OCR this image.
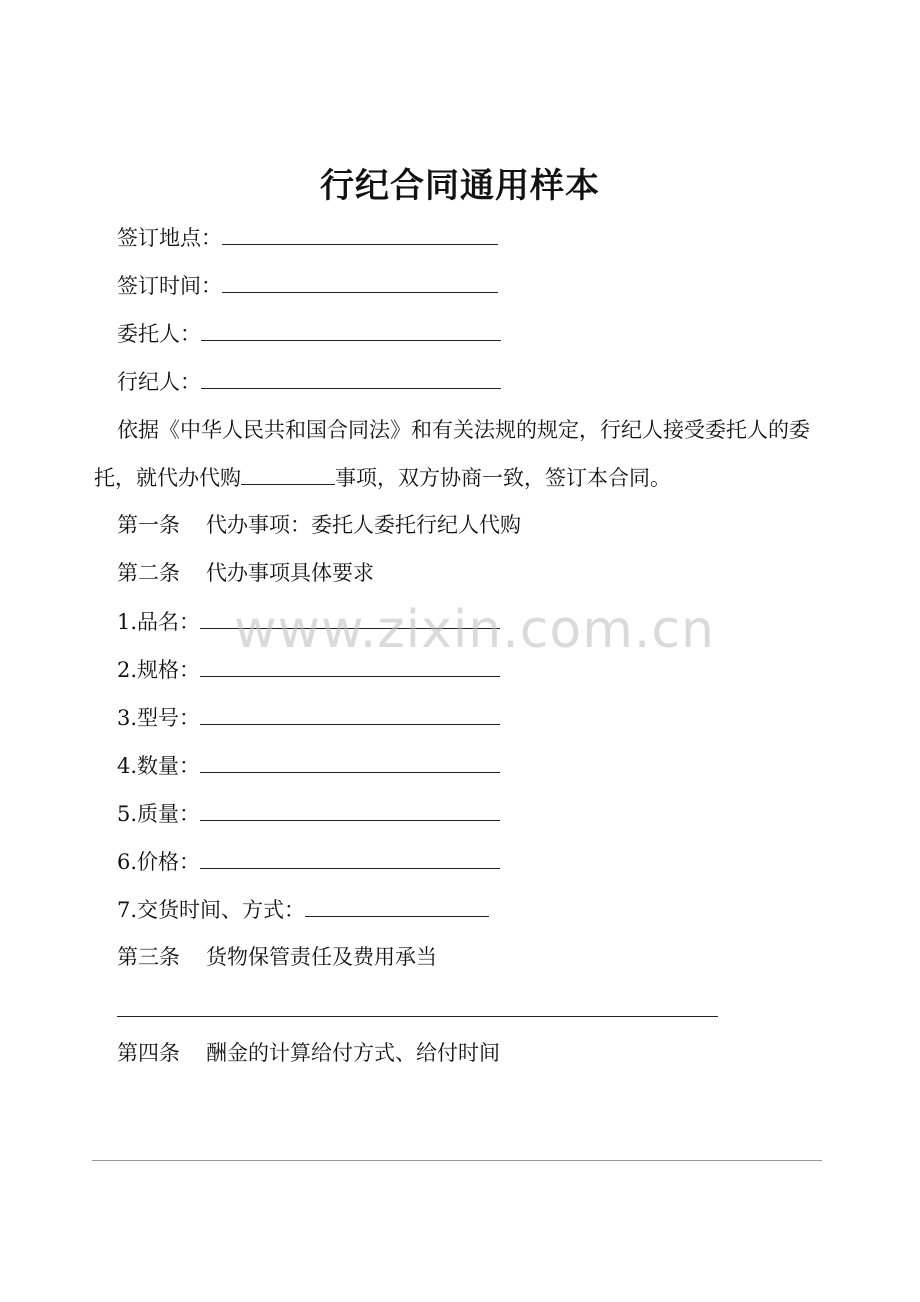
行纪合同通用样本
签订地点：
签订时间：
委托人：
行纪人：
依据《中华人民共和国合同法》和有关法规的规定，行纪人接受委托人的委托，就代办代购	事项，双方协商一致，签订本合同。
第一条 代办事项：委托人委托行纪人代购
第二条 代办事项具体要求
1.品名：
2.规格：
3.型号：
4.数量：
5.质量：
6.价格：
7.交货时间、方式：
第三条 货物保管责任及费用承当
第四条 酬金的计算给付方式、给付时间
www.zixin.com.cn
